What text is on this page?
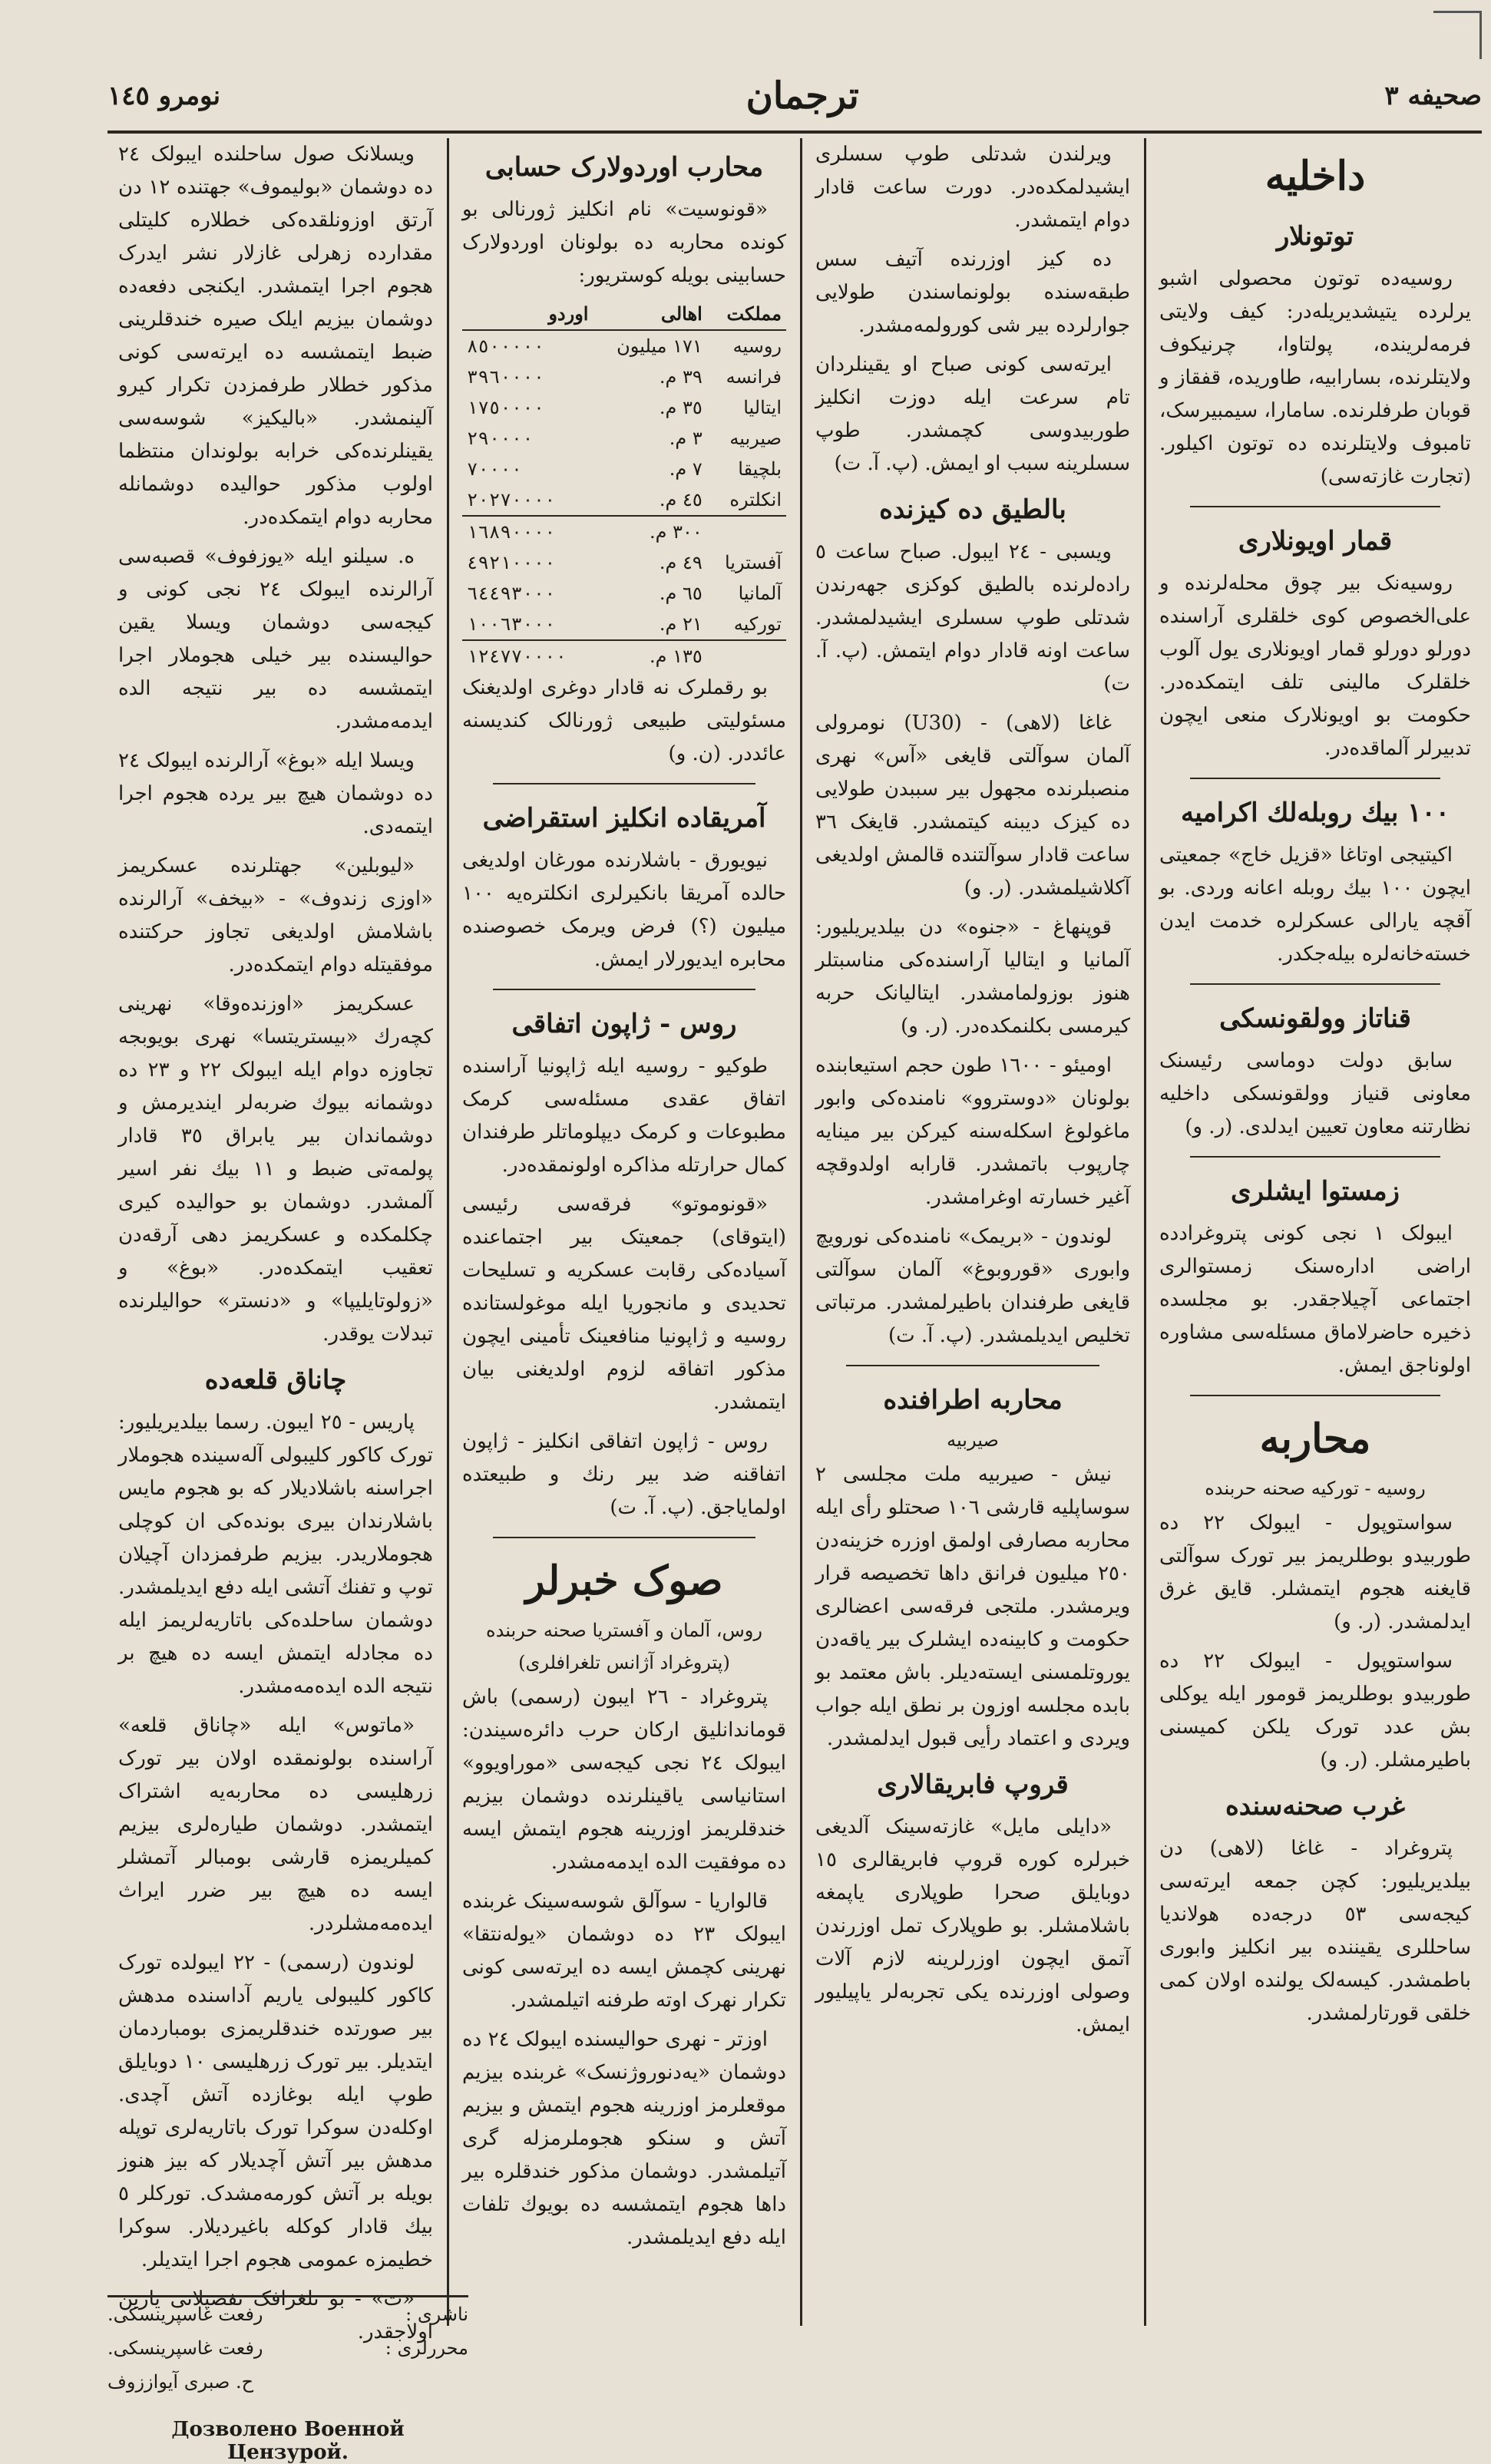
صحیفه ٣
ترجمان
نومرو ١٤٥
داخلیه
توتونلار

روسیه‌ده توتون محصولی اشبو یرلرده‌ یتیشدیریله‌در: کیف ولایتی فرمه‌لرینده، پولتاوا، چرنیکوف ولایتلرنده، بسارابیه، طاوریده، قفقاز و قوبان طرفلرنده. سامارا، سیمبیرسک، تامبوف ولایتلرنده ده توتون اکیلور. (تجارت غازته‌سی)

قمار اویونلاری

روسیه‌نک بیر چوق محله‌لرنده و علی‌الخصوص کوی خلقلری آراسنده دورلو دورلو قمار اویونلاری یول آلوب خلقلرک مالینی تلف ایتمکده‌در. حکومت بو اویونلارک منعی ایچون تدبیرلر آلماقده‌در.

١٠٠ بیك روبله‌لك اکرامیه

اکیتیجی اوتاغا «قزیل خاج» جمعیتی ایچون ١٠٠ بیك روبله اعانه وردی. بو آقچه یارالی عسکرلره خدمت ایدن خسته‌خانه‌لره بیله‌جکدر.

قناتاز وولقونسکی

سابق دولت دوماسی رئیسنک معاونی قنیاز وولقونسکی داخلیه نظارتنه معاون تعیین ایدلدی. (ر. و)

زمستوا ایشلری

ایبولک ١ نجی کونی پتروغرادده اراضی اداره‌سنک زمستوالری اجتماعی آچیلاجقدر. بو مجلسده ذخیره حاضرلاماق مسئله‌سی مشاوره اولوناجق ایمش.

محاربه
روسیه - تورکیه صحنه‌ حربنده

سواستوپول - ایبولک ٢٢ ده طوربیدو بوطلریمز بیر تورک سوآلتی قایغنه هجوم ایتمشلر. قایق غرق ایدلمشدر. (ر. و)

سواستوپول - ایبولک ٢٢ ده طوربیدو بوطلریمز قومور ایله یوکلی بش عدد تورک یلکن کمیسنی باطیرمشلر. (ر. و)

غرب صحنه‌سنده

پتروغراد - غاغا (لاهی) دن بیلدیریلیور: کچن جمعه ایرته‌سی کیجه‌سی ٥٣ درجه‌ده هولاندیا ساحللری یقیننده بیر انکلیز وابوری باطمشدر. کیسه‌لک یولنده اولان کمی خلقی قورتارلمشدر.

ویرلندن شدتلی طوپ سسلری ایشیدلمکده‌در. دورت ساعت قادار دوام ایتمشدر.

ده کیز اوزرنده آتیف سس طبقه‌سنده بولونماسندن طولایی جوارلرده بیر شی کورولمه‌مشدر.

ایرته‌سی کونی صباح او یقینلردان تام سرعت ایله دوزت انکلیز طوربیدوسی کچمشدر. طوپ سسلرینه سبب او ایمش. (پ. آ. ت)

بالطیق ده کیزنده

ویسبی - ٢٤ ایبول. صباح ساعت ٥ راده‌لرنده بالطیق کوکزی جهه‌رندن شدتلی طوپ سسلری ایشیدلمشدر. ساعت اونه قادار دوام ایتمش. (پ. آ. ت)

غاغا (لاهی) - (U30) نومرولی آلمان سوآلتی قایغی «آس» نهری منصبلرنده مجهول بیر سببدن طولایی ده کیزک دیبنه کیتمشدر. قایغک ٣٦ ساعت قادار سوآلتنده قالمش اولدیغی آکلاشیلمشدر. (ر. و)

قوپنهاغ - «جنوه» دن بیلدیریلیور: آلمانیا و ایتالیا آراسنده‌کی مناسبتلر هنوز بوزولمامشدر. ایتالیانک حربه کیرمسی بکلنمکده‌در. (ر. و)

اومیئو - ١٦٠٠ طون حجم استیعابنده بولونان «دوستروو» نامنده‌کی وابور ماغولوغ اسکله‌سنه کیرکن بیر مینایه چارپوب باتمشدر. قارابه اولدوقچه آغیر خسارته اوغرامشدر.

لوندون - «بریمک» نامنده‌کی نورویچ وابوری «قوروبوغ» آلمان سوآلتی قایغی طرفندان باطیرلمشدر. مرتباتی تخلیص ایدیلمشدر. (پ. آ. ت)

محاربه اطرافنده
صیربیه

نیش - صیربیه ملت مجلسی ٢ سوساپلیه قارشی ١٠٦ صحتلو رأی ایله محاربه مصارفی اولمق اوزره خزینه‌دن ٢٥٠ میلیون فرانق داها تخصیصه قرار ویرمشدر. ملتجی فرقه‌سی اعضالری حکومت و کابینه‌ده ایشلرک بیر یاقه‌دن یوروتلمسنی ایسته‌دیلر. باش معتمد بو بابده مجلسه اوزون بر نطق ایله جواب ویردی و اعتماد رأیی قبول ایدلمشدر.

قروپ فابریقالاری

«دایلی مایل» غازته‌سینک آلدیغی خبرلره کوره قروپ فابریقالری ١٥ دوبایلق صحرا طوپلاری یاپمغه باشلامشلر. بو طوپلارک تمل اوزرندن آتمق ایچون اوزرلرینه لازم آلات وصولی اوزرنده یکی تجربه‌لر یاپیلیور ایمش.

محارب اوردولارک حسابی

«قونوسیت» نام انکلیز ژورنالی بو کونده محاربه ده بولونان اوردولارک حسابینی بویله کوستریور:

مملکت	اهالی	اوردو
روسیه	١٧١ میلیون	٨٥٠٠٠٠٠
فرانسه	٣٩ م.	٣٩٦٠٠٠٠
ایتالیا	٣٥ م.	١٧٥٠٠٠٠
صیربیه	٣ م.	٢٩٠٠٠٠
بلچیقا	٧ م.	٧٠٠٠٠
انکلتره	٤٥ م.	٢٠٢٧٠٠٠٠
	٣٠٠ م.	١٦٨٩٠٠٠٠
آفستریا	٤٩ م.	٤٩٢١٠٠٠٠
آلمانیا	٦٥ م.	٦٤٤٩٣٠٠٠
تورکیه	٢١ م.	١٠٠٦٣٠٠٠
	١٣٥ م.	١٢٤٧٧٠٠٠٠

بو رقملرک نه قادار دوغری اولدیغنک مسئولیتی طبیعی ژورنالک کندیسنه عائددر. (ن. و)

آمریقاده انکلیز استقراضی

نیویورق - باشلارنده مورغان اولدیغی حالده آمریقا بانکیرلری انکلتره‌یه ١٠٠ میلیون (؟) فرض ویرمک خصوصنده محابره ایدیورلار ایمش.

روس - ژاپون اتفاقی

طوکیو - روسیه ایله ژاپونیا آراسنده اتفاق عقدی مسئله‌سی کرمک مطبوعات و کرمک دیپلوماتلر طرفندان کمال حرارتله مذاکره اولونمقده‌در.

«قونوموتو» فرقه‌سی رئیسی (ایتوقای) جمعیتک بیر اجتماعنده آسیاده‌کی رقابت عسکریه و تسلیحات تحدیدی و مانجوریا ایله موغولستانده روسیه و ژاپونیا منافعینک تأمینی ایچون مذکور اتفاقه لزوم اولدیغنی بیان ایتمشدر.

روس - ژاپون اتفاقی انکلیز - ژاپون اتفاقنه ضد بیر رنك و طبیعتده اولمایاجق. (پ. آ. ت)

صوک خبرلر
روس، آلمان و آفستریا صحنه‌ حربنده
(پتروغراد آژانس تلغرافلری)

پتروغراد - ٢٦ ایبون (رسمی) باش قوماندانلیق ارکان حرب دائره‌سیندن: ایبولک ٢٤ نجی کیجه‌سی «موراویوو» استانیاسی یاقینلرنده دوشمان بیزیم خندقلریمز اوزرینه هجوم ایتمش ایسه ده موفقیت الده ایدمه‌مشدر.

قالواریا - سوآلق شوسه‌سینک غربنده ایبولک ٢٣ ده دوشمان «یوله‌نتقا» نهرینی کچمش ایسه ده ایرته‌سی کونی تکرار نهرک اوته طرفنه اتیلمشدر.

اوزتر - نهری حوالیسنده ایبولک ٢٤ ده دوشمان «یه‌دنوروژنسک» غربنده بیزیم موقعلرمز اوزرینه هجوم ایتمش و بیزیم آتش و سنکو هجوملرمزله گری آتیلمشدر. دوشمان مذکور خندقلره بیر داها هجوم ایتمشسه ده بویوك تلفات ایله دفع ایدیلمشدر.

ویسلانک صول ساحلنده ایبولک ٢٤ ده دوشمان «بولیموف» جهتنده ١٢ دن آرتق اوزونلقده‌کی خطلاره کلیتلی مقدارده زهرلی غازلار نشر ایدرک هجوم اجرا ایتمشدر. ایکنجی دفعه‌ده دوشمان بیزیم ایلک صیره خندقلرینی ضبط ایتمشسه ده ایرته‌سی کونی مذکور خطلار طرفمزدن تکرار کیرو آلینمشدر. «بالیکیز» شوسه‌سی یقینلرنده‌کی خرابه بولوندان منتظما اولوب مذکور حوالیده دوشمانله محاربه دوام ایتمکده‌در.

ه. سیلنو ایله «یوزفوف» قصبه‌سی آرالرنده ایبولک ٢٤ نجی کونی و کیجه‌سی دوشمان ویسلا یقین حوالیسنده بیر خیلی هجوملار اجرا ایتمشسه ده بیر نتیجه الده ایدمه‌مشدر.

ویسلا ایله «بوغ» آرالرنده ایبولک ٢٤ ده دوشمان هیچ بیر یرده هجوم اجرا ایتمه‌دی.

«لیوبلین» جهتلرنده عسکریمز «اوزی زندوف» - «بیخف» آرالرنده باشلامش اولدیغی تجاوز حرکتنده موفقیتله دوام ایتمکده‌در.

عسکریمز «اوزنده‌وقا» نهرینی کچه‌رك «بیستریتسا» نهری بویوبجه تجاوزه دوام ایله ایبولک ٢٢ و ٢٣ ده دوشمانه بیوك ضربه‌لر ایندیرمش و دوشماندان بیر یابراق ٣٥ قادار پولمه‌تی ضبط و ١١ بیك نفر اسیر آلمشدر. دوشمان بو حوالیده کیری چکلمکده و عسکریمز دهی آرقه‌دن تعقیب ایتمکده‌در. «بوغ» و «زولوتایلیپا» و «دنستر» حوالیلرنده تبدلات یوقدر.

چاناق قلعه‌ده

پاریس - ٢٥ ایبون. رسما بیلدیریلیور: تورک کاکور کلیبولی آله‌سینده هجوملار اجراسنه باشلادیلار که بو هجوم مایس باشلارندان بیری بونده‌کی ان کوچلی هجوملاریدر. بیزیم طرفمزدان آچیلان توپ و تفنك آتشی ایله دفع ایدیلمشدر. دوشمان ساحلده‌کی باتاریه‌لریمز ایله ده مجادله ایتمش ایسه ده هیچ بر نتیجه الده ایده‌مه‌مشدر.

«ماتوس» ایله «چاناق قلعه» آراسنده بولونمقده اولان بیر تورک زرهلیسی ده محاربه‌یه اشتراک ایتمشدر. دوشمان طیاره‌لری بیزیم کمیلریمزه قارشی بومبالر آتمشلر ایسه ده هیچ بیر ضرر ایراث ایده‌مه‌مشلردر.

لوندون (رسمی) - ٢٢ ایبولده تورک کاکور کلیبولی یاریم آداسنده مدهش بیر صورتده خندقلریمزی بومباردمان ایتدیلر. بیر تورک زرهلیسی ١٠ دوبایلق طوپ ایله بوغازده آتش آچدی. اوکله‌دن سوکرا تورک باتاریه‌لری توپله مدهش بیر آتش آچدیلار که بیز هنوز بویله بر آتش کورمه‌مشدک. تورکلر ٥ بیك قادار کوکله باغیردیلار. سوکرا خطیمزه عمومی هجوم اجرا ایتدیلر.

«ت» - بو تلغرافک تفصیلاتی یارین اولاجقدر.

ناشری :
رفعت غاسپرینسکی.
محررلری :
رفعت غاسپرینسکی.
ح. صبری آیواززوف
Дозволено Военной Цензурой.
